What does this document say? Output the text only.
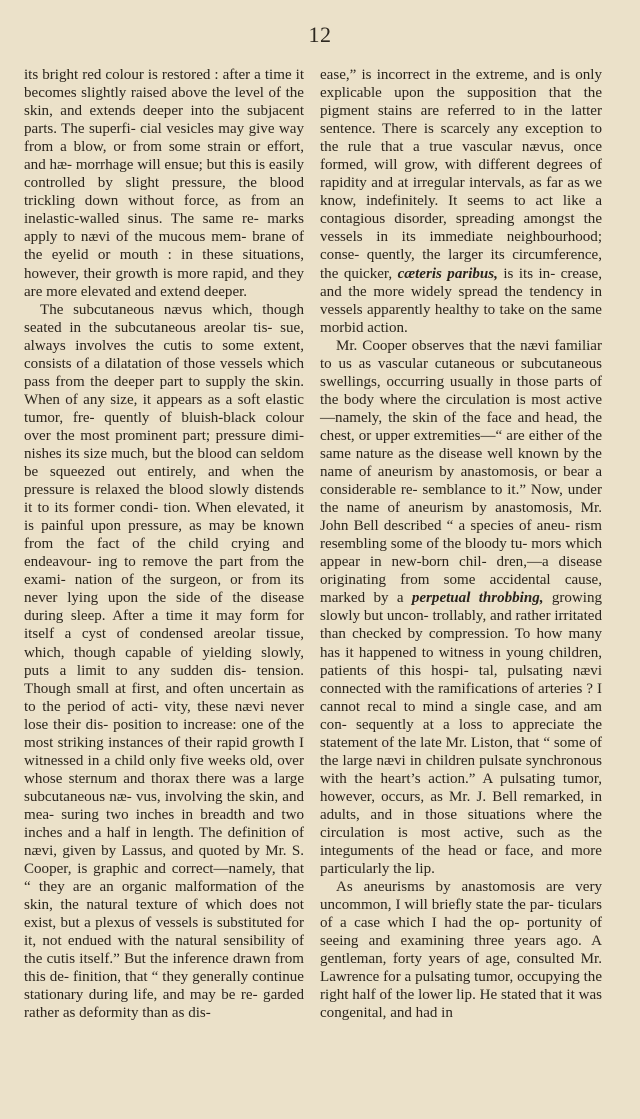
12

its bright red colour is restored : after a time it becomes slightly raised above the level of the skin, and extends deeper into the subjacent parts. The superfi- cial vesicles may give way from a blow, or from some strain or effort, and hæ- morrhage will ensue; but this is easily controlled by slight pressure, the blood trickling down without force, as from an inelastic-walled sinus. The same re- marks apply to nævi of the mucous mem- brane of the eyelid or mouth : in these situations, however, their growth is more rapid, and they are more elevated and extend deeper.

The subcutaneous nævus which, though seated in the subcutaneous areolar tis- sue, always involves the cutis to some extent, consists of a dilatation of those vessels which pass from the deeper part to supply the skin. When of any size, it appears as a soft elastic tumor, fre- quently of bluish-black colour over the most prominent part; pressure dimi- nishes its size much, but the blood can seldom be squeezed out entirely, and when the pressure is relaxed the blood slowly distends it to its former condi- tion. When elevated, it is painful upon pressure, as may be known from the fact of the child crying and endeavour- ing to remove the part from the exami- nation of the surgeon, or from its never lying upon the side of the disease during sleep. After a time it may form for itself a cyst of condensed areolar tissue, which, though capable of yielding slowly, puts a limit to any sudden dis- tension. Though small at first, and often uncertain as to the period of acti- vity, these nævi never lose their dis- position to increase: one of the most striking instances of their rapid growth I witnessed in a child only five weeks old, over whose sternum and thorax there was a large subcutaneous næ- vus, involving the skin, and mea- suring two inches in breadth and two inches and a half in length. The definition of nævi, given by Lassus, and quoted by Mr. S. Cooper, is graphic and correct—namely, that “ they are an organic malformation of the skin, the natural texture of which does not exist, but a plexus of vessels is substituted for it, not endued with the natural sensibility of the cutis itself.” But the inference drawn from this de- finition, that “ they generally continue stationary during life, and may be re- garded rather as deformity than as dis-

ease,” is incorrect in the extreme, and is only explicable upon the supposition that the pigment stains are referred to in the latter sentence. There is scarcely any exception to the rule that a true vascular nævus, once formed, will grow, with different degrees of rapidity and at irregular intervals, as far as we know, indefinitely. It seems to act like a contagious disorder, spreading amongst the vessels in its immediate neighbourhood; conse- quently, the larger its circumference, the quicker, cæteris paribus, is its in- crease, and the more widely spread the tendency in vessels apparently healthy to take on the same morbid action.

Mr. Cooper observes that the nævi familiar to us as vascular cutaneous or subcutaneous swellings, occurring usually in those parts of the body where the circulation is most active—namely, the skin of the face and head, the chest, or upper extremities—“ are either of the same nature as the disease well known by the name of aneurism by anastomosis, or bear a considerable re- semblance to it.” Now, under the name of aneurism by anastomosis, Mr. John Bell described “ a species of aneu- rism resembling some of the bloody tu- mors which appear in new-born chil- dren,—a disease originating from some accidental cause, marked by a perpetual throbbing, growing slowly but uncon- trollably, and rather irritated than checked by compression. To how many has it happened to witness in young children, patients of this hospi- tal, pulsating nævi connected with the ramifications of arteries ? I cannot recal to mind a single case, and am con- sequently at a loss to appreciate the statement of the late Mr. Liston, that “ some of the large nævi in children pulsate synchronous with the heart’s action.” A pulsating tumor, however, occurs, as Mr. J. Bell remarked, in adults, and in those situations where the circulation is most active, such as the integuments of the head or face, and more particularly the lip.

As aneurisms by anastomosis are very uncommon, I will briefly state the par- ticulars of a case which I had the op- portunity of seeing and examining three years ago. A gentleman, forty years of age, consulted Mr. Lawrence for a pulsating tumor, occupying the right half of the lower lip. He stated that it was congenital, and had in
